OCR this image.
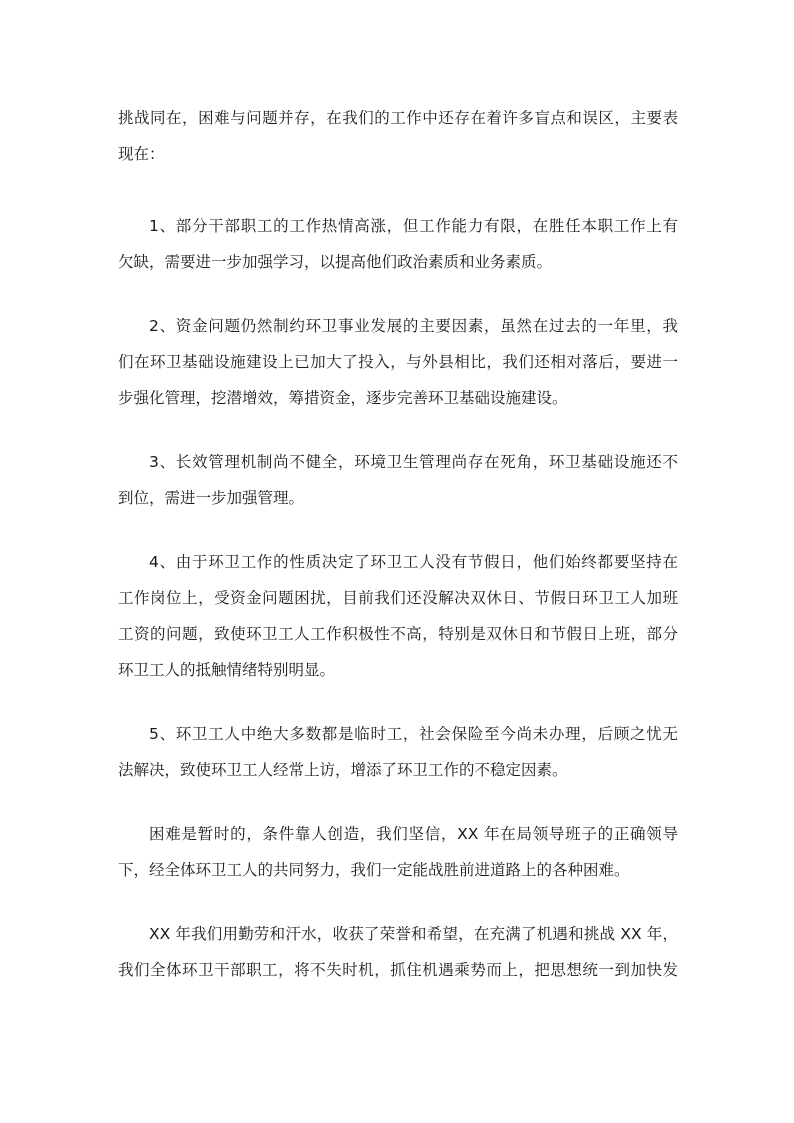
挑战同在，困难与问题并存，在我们的工作中还存在着许多盲点和误区，主要表
现在：
1、部分干部职工的工作热情高涨，但工作能力有限，在胜任本职工作上有
欠缺，需要进一步加强学习，以提高他们政治素质和业务素质。
2、资金问题仍然制约环卫事业发展的主要因素，虽然在过去的一年里，我
们在环卫基础设施建设上已加大了投入，与外县相比，我们还相对落后，要进一
步强化管理，挖潜增效，筹措资金，逐步完善环卫基础设施建设。
3、长效管理机制尚不健全，环境卫生管理尚存在死角，环卫基础设施还不
到位，需进一步加强管理。
4、由于环卫工作的性质决定了环卫工人没有节假日，他们始终都要坚持在
工作岗位上，受资金问题困扰，目前我们还没解决双休日、节假日环卫工人加班
工资的问题，致使环卫工人工作积极性不高，特别是双休日和节假日上班，部分
环卫工人的抵触情绪特别明显。
5、环卫工人中绝大多数都是临时工，社会保险至今尚未办理，后顾之忧无
法解决，致使环卫工人经常上访，增添了环卫工作的不稳定因素。
困难是暂时的，条件靠人创造，我们坚信，XX 年在局领导班子的正确领导
下，经全体环卫工人的共同努力，我们一定能战胜前进道路上的各种困难。
XX 年我们用勤劳和汗水，收获了荣誉和希望，在充满了机遇和挑战 XX 年，
我们全体环卫干部职工，将不失时机，抓住机遇乘势而上，把思想统一到加快发
